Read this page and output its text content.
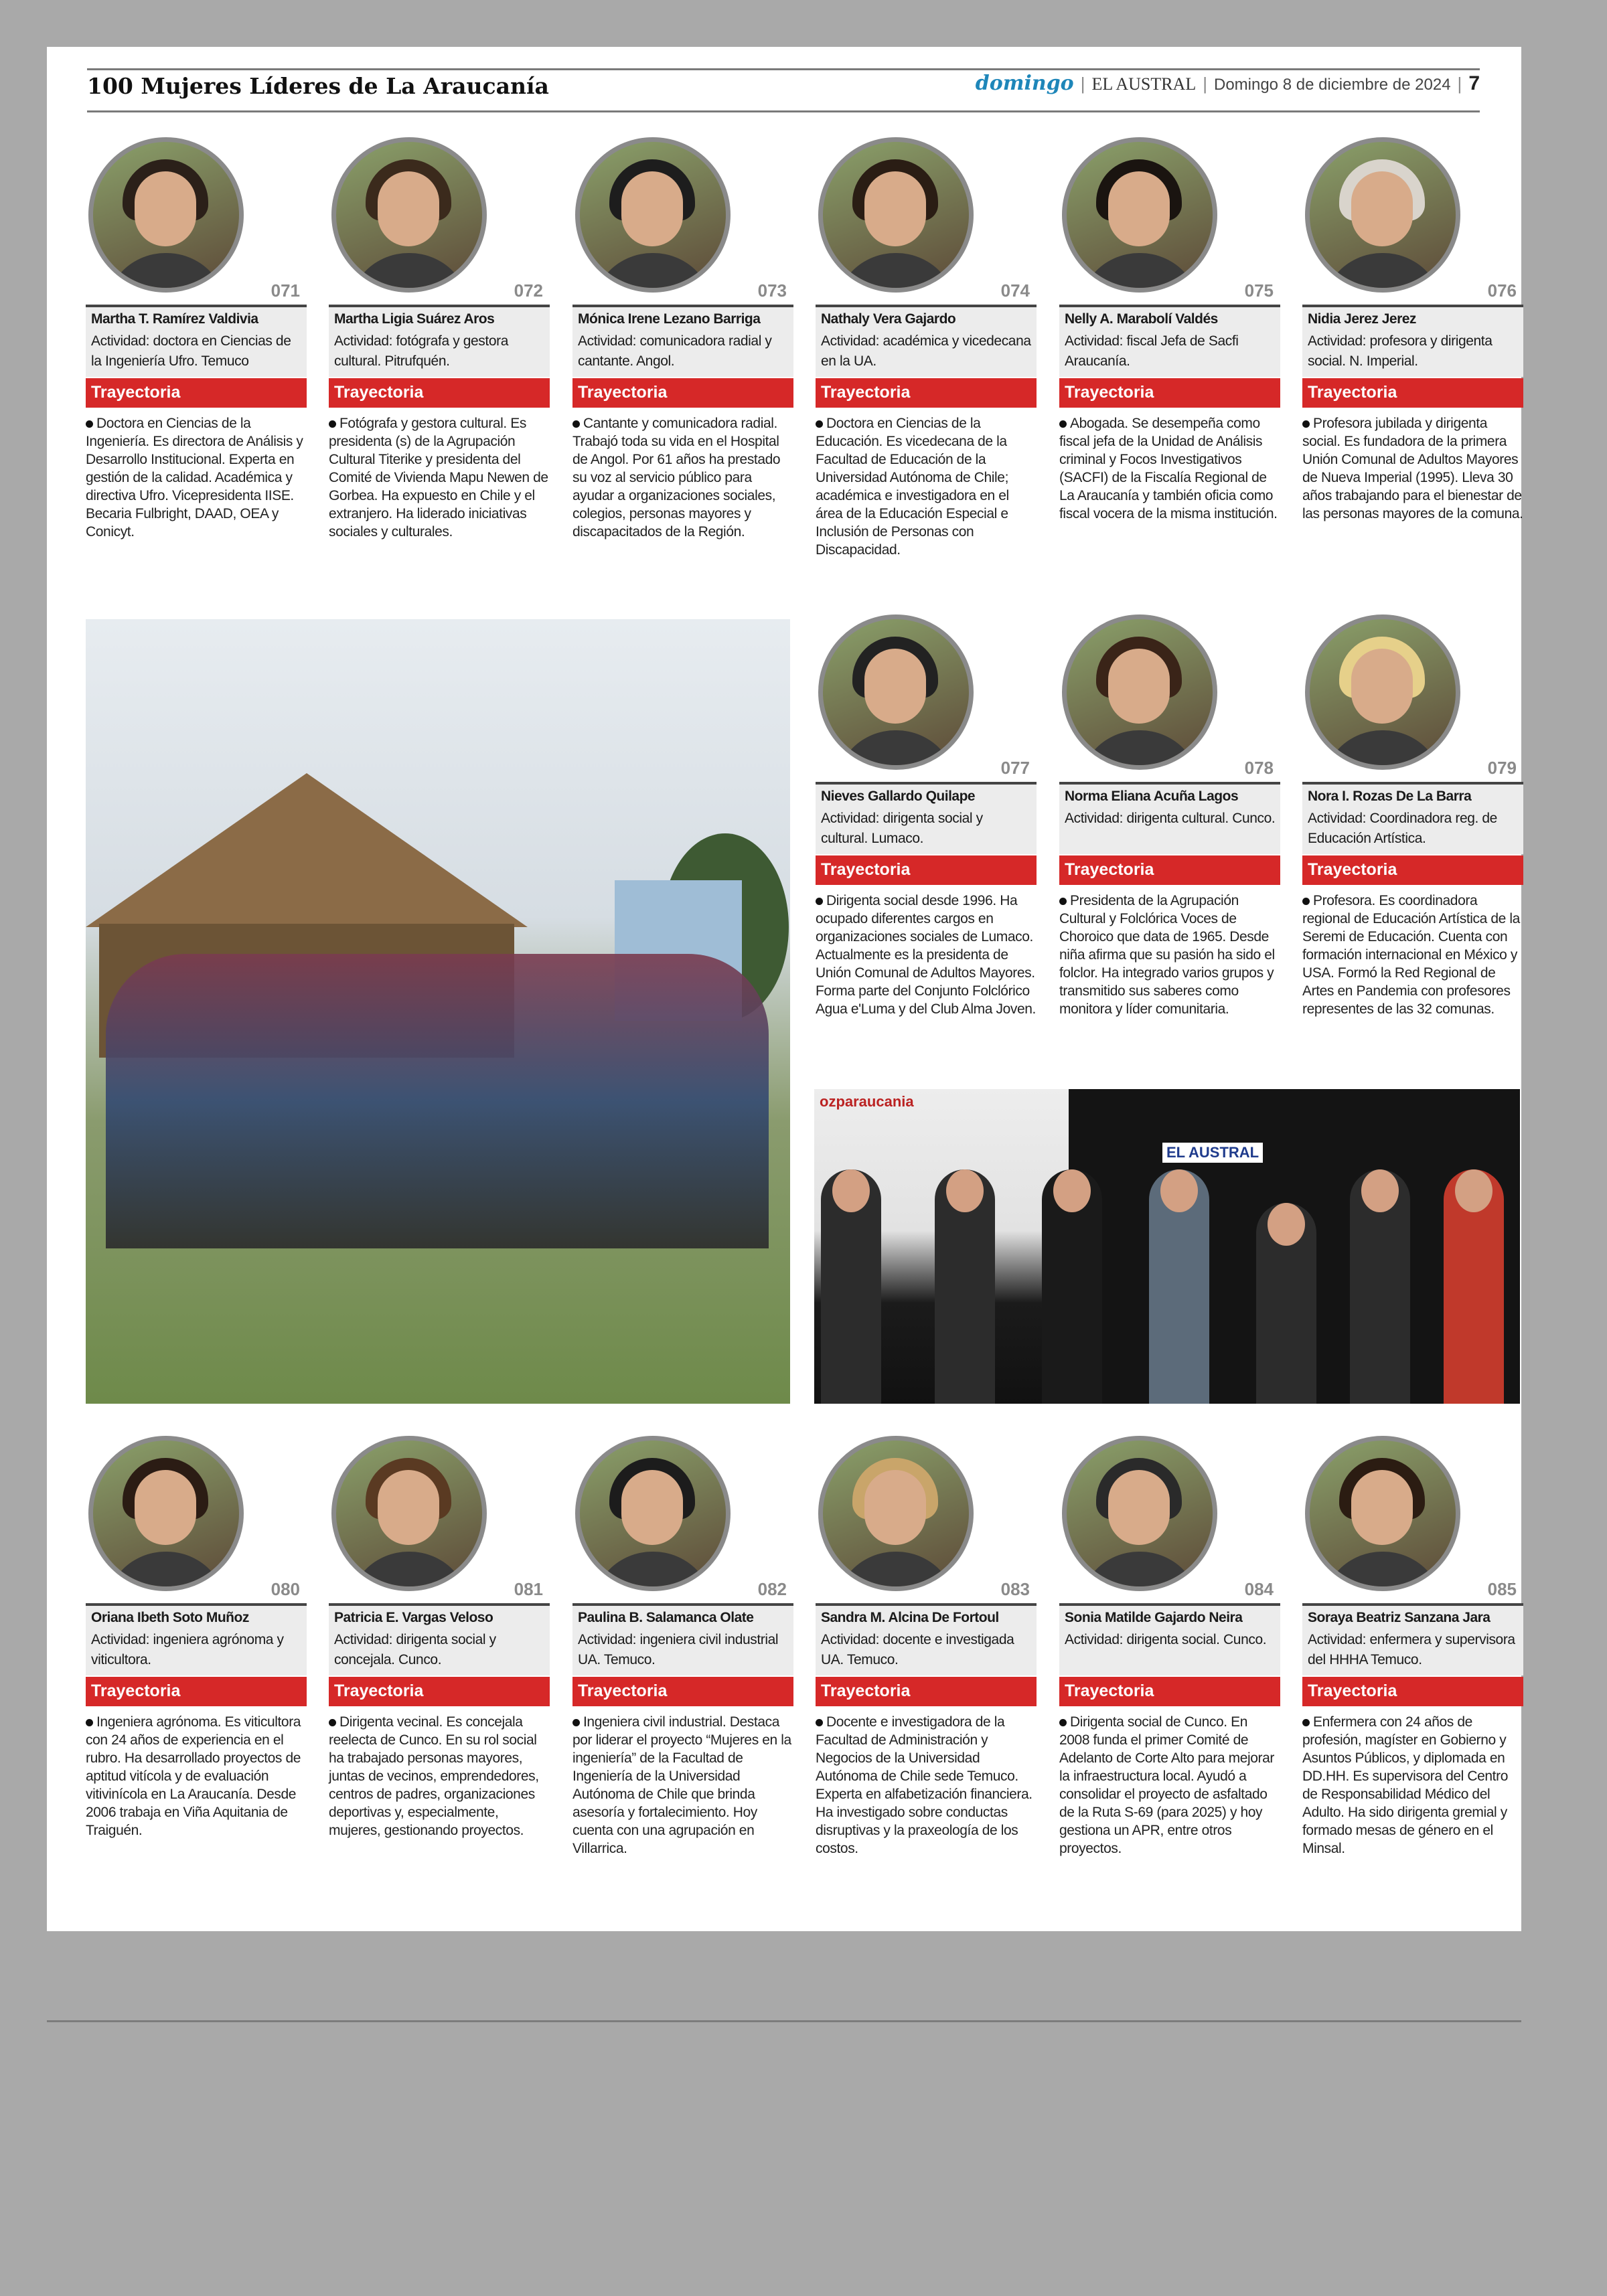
100 Mujeres Líderes de La Araucanía	domingo | EL AUSTRAL | Domingo 8 de diciembre de 2024 | 7
ozparaucania
EL AUSTRAL
071
Martha T. Ramírez Valdivia
Actividad: doctora en Ciencias de la Ingeniería Ufro. Temuco
Trayectoria
Doctora en Ciencias de la Ingeniería. Es directora de Análisis y Desarrollo Institucional. Experta en gestión de la calidad. Académica y directiva Ufro. Vicepresidenta IISE. Becaria Fulbright, DAAD, OEA y Conicyt.
072
Martha Ligia Suárez Aros
Actividad: fotógrafa y gestora cultural. Pitrufquén.
Trayectoria
Fotógrafa y gestora cultural. Es presidenta (s) de la Agrupación Cultural Titerike y presidenta del Comité de Vivienda Mapu Newen de Gorbea. Ha expuesto en Chile y el extranjero. Ha liderado iniciativas sociales y culturales.
073
Mónica Irene Lezano Barriga
Actividad: comunicadora radial y cantante. Angol.
Trayectoria
Cantante y comunicadora radial. Trabajó toda su vida en el Hospital de Angol. Por 61 años ha prestado su voz al servicio público para ayudar a organizaciones sociales, colegios, personas mayores y discapacitados de la Región.
074
Nathaly Vera Gajardo
Actividad: académica y vicedecana en la UA.
Trayectoria
Doctora en Ciencias de la Educación. Es vicedecana de la Facultad de Educación de la Universidad Autónoma de Chile; académica e investigadora en el área de la Educación Especial e Inclusión de Personas con Discapacidad.
075
Nelly A. Marabolí Valdés
Actividad: fiscal Jefa de Sacfi Araucanía.
Trayectoria
Abogada. Se desempeña como fiscal jefa de la Unidad de Análisis criminal y Focos Investigativos (SACFI) de la Fiscalía Regional de La Araucanía y también oficia como fiscal vocera de la misma institución.
076
Nidia Jerez Jerez
Actividad: profesora y dirigenta social. N. Imperial.
Trayectoria
Profesora jubilada y dirigenta social. Es fundadora de la primera Unión Comunal de Adultos Mayores de Nueva Imperial (1995). Lleva 30 años trabajando para el bienestar de las personas mayores de la comuna.
077
Nieves Gallardo Quilape
Actividad: dirigenta social y cultural. Lumaco.
Trayectoria
Dirigenta social desde 1996. Ha ocupado diferentes cargos en organizaciones sociales de Lumaco. Actualmente es la presidenta de Unión Comunal de Adultos Mayores. Forma parte del Conjunto Folclórico Agua e'Luma y del Club Alma Joven.
078
Norma Eliana Acuña Lagos
Actividad: dirigenta cultural. Cunco.
Trayectoria
Presidenta de la Agrupación Cultural y Folclórica Voces de Choroico que data de 1965. Desde niña afirma que su pasión ha sido el folclor. Ha integrado varios grupos y transmitido sus saberes como monitora y líder comunitaria.
079
Nora I. Rozas De La Barra
Actividad: Coordinadora reg. de Educación Artística.
Trayectoria
Profesora. Es coordinadora regional de Educación Artística de la Seremi de Educación. Cuenta con formación internacional en México y USA. Formó la Red Regional de Artes en Pandemia con profesores representes de las 32 comunas.
080
Oriana Ibeth Soto Muñoz
Actividad: ingeniera agrónoma y viticultora.
Trayectoria
Ingeniera agrónoma. Es viticultora con 24 años de experiencia en el rubro. Ha desarrollado proyectos de aptitud vitícola y de evaluación vitivinícola en La Araucanía. Desde 2006 trabaja en Viña Aquitania de Traiguén.
081
Patricia E. Vargas Veloso
Actividad: dirigenta social y concejala. Cunco.
Trayectoria
Dirigenta vecinal. Es concejala reelecta de Cunco. En su rol social ha trabajado personas mayores, juntas de vecinos, emprendedores, centros de padres, organizaciones deportivas y, especialmente, mujeres, gestionando proyectos.
082
Paulina B. Salamanca Olate
Actividad: ingeniera civil industrial UA. Temuco.
Trayectoria
Ingeniera civil industrial. Destaca por liderar el proyecto “Mujeres en la ingeniería” de la Facultad de Ingeniería de la Universidad Autónoma de Chile que brinda asesoría y fortalecimiento. Hoy cuenta con una agrupación en Villarrica.
083
Sandra M. Alcina De Fortoul
Actividad: docente e investigada UA. Temuco.
Trayectoria
Docente e investigadora de la Facultad de Administración y Negocios de la Universidad Autónoma de Chile sede Temuco. Experta en alfabetización financiera. Ha investigado sobre conductas disruptivas y la praxeología de los costos.
084
Sonia Matilde Gajardo Neira
Actividad: dirigenta social. Cunco.
Trayectoria
Dirigenta social de Cunco. En 2008 funda el primer Comité de Adelanto de Corte Alto para mejorar la infraestructura local. Ayudó a consolidar el proyecto de asfaltado de la Ruta S-69 (para 2025) y hoy gestiona un APR, entre otros proyectos.
085
Soraya Beatriz Sanzana Jara
Actividad: enfermera y supervisora del HHHA Temuco.
Trayectoria
Enfermera con 24 años de profesión, magíster en Gobierno y Asuntos Públicos, y diplomada en DD.HH. Es supervisora del Centro de Responsabilidad Médico del Adulto. Ha sido dirigenta gremial y formado mesas de género en el Minsal.
